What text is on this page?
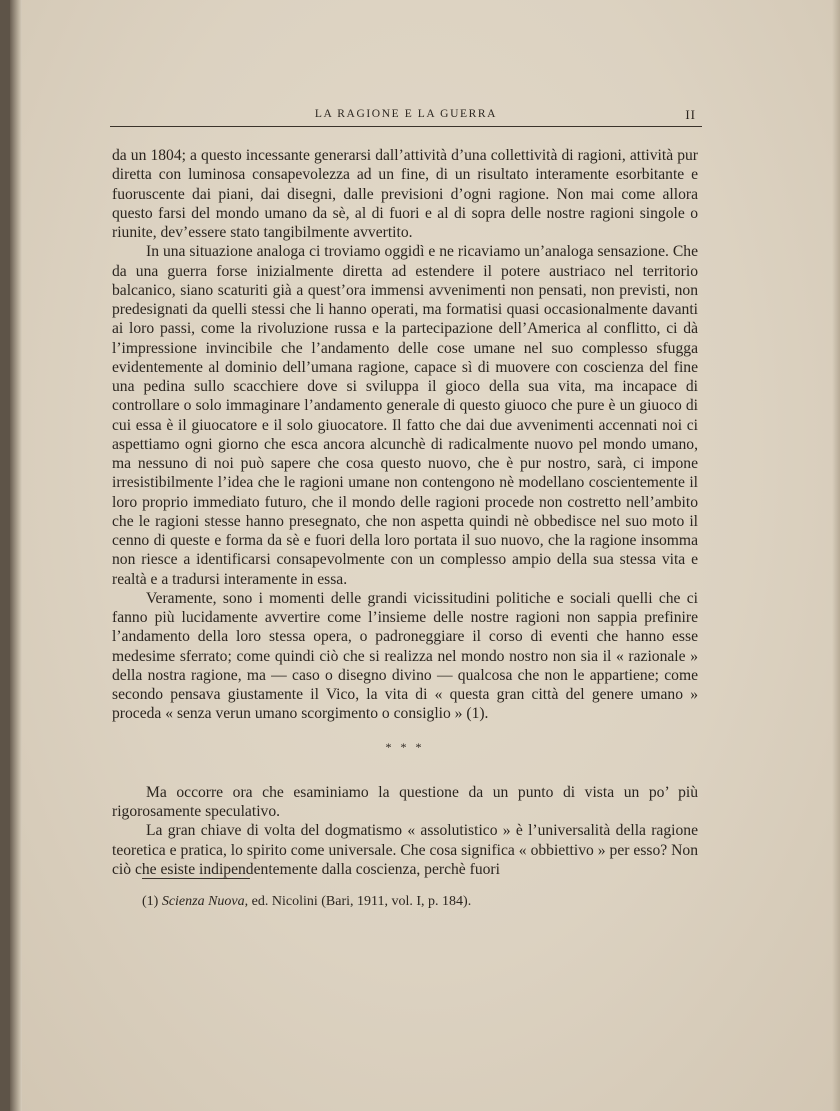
LA RAGIONE E LA GUERRA	II

da un 1804; a questo incessante generarsi dall’attività d’una collettività di ragioni, attività pur diretta con luminosa consapevolezza ad un fine, di un risultato interamente esorbitante e fuoruscente dai piani, dai disegni, dalle previsioni d’ogni ragione. Non mai come allora questo farsi del mondo umano da sè, al di fuori e al di sopra delle nostre ragioni singole o riunite, dev’essere stato tangibilmente avvertito.

In una situazione analoga ci troviamo oggidì e ne ricaviamo un’analoga sensazione. Che da una guerra forse inizialmente diretta ad estendere il potere austriaco nel territorio balcanico, siano scaturiti già a quest’ora immensi avvenimenti non pensati, non previsti, non predesignati da quelli stessi che li hanno operati, ma formatisi quasi occasionalmente davanti ai loro passi, come la rivoluzione russa e la partecipazione dell’America al conflitto, ci dà l’impressione invincibile che l’andamento delle cose umane nel suo complesso sfugga evidentemente al dominio dell’umana ragione, capace sì di muovere con coscienza del fine una pedina sullo scacchiere dove si sviluppa il gioco della sua vita, ma incapace di controllare o solo immaginare l’andamento generale di questo giuoco che pure è un giuoco di cui essa è il giuocatore e il solo giuocatore. Il fatto che dai due avvenimenti accennati noi ci aspettiamo ogni giorno che esca ancora alcunchè di radicalmente nuovo pel mondo umano, ma nessuno di noi può sapere che cosa questo nuovo, che è pur nostro, sarà, ci impone irresistibilmente l’idea che le ragioni umane non contengono nè modellano coscientemente il loro proprio immediato futuro, che il mondo delle ragioni procede non costretto nell’ambito che le ragioni stesse hanno presegnato, che non aspetta quindi nè obbedisce nel suo moto il cenno di queste e forma da sè e fuori della loro portata il suo nuovo, che la ragione insomma non riesce a identificarsi consapevolmente con un complesso ampio della sua stessa vita e realtà e a tradursi interamente in essa.

Veramente, sono i momenti delle grandi vicissitudini politiche e sociali quelli che ci fanno più lucidamente avvertire come l’insieme delle nostre ragioni non sappia prefinire l’andamento della loro stessa opera, o padroneggiare il corso di eventi che hanno esse medesime sferrato; come quindi ciò che si realizza nel mondo nostro non sia il « razionale » della nostra ragione, ma — caso o disegno divino — qualcosa che non le appartiene; come secondo pensava giustamente il Vico, la vita di « questa gran città del genere umano » proceda « senza verun umano scorgimento o consiglio » (1).

* * *

Ma occorre ora che esaminiamo la questione da un punto di vista un po’ più rigorosamente speculativo.

La gran chiave di volta del dogmatismo « assolutistico » è l’universalità della ragione teoretica e pratica, lo spirito come universale. Che cosa significa « obbiettivo » per esso? Non ciò che esiste indipendentemente dalla coscienza, perchè fuori

(1) Scienza Nuova, ed. Nicolini (Bari, 1911, vol. I, p. 184).
